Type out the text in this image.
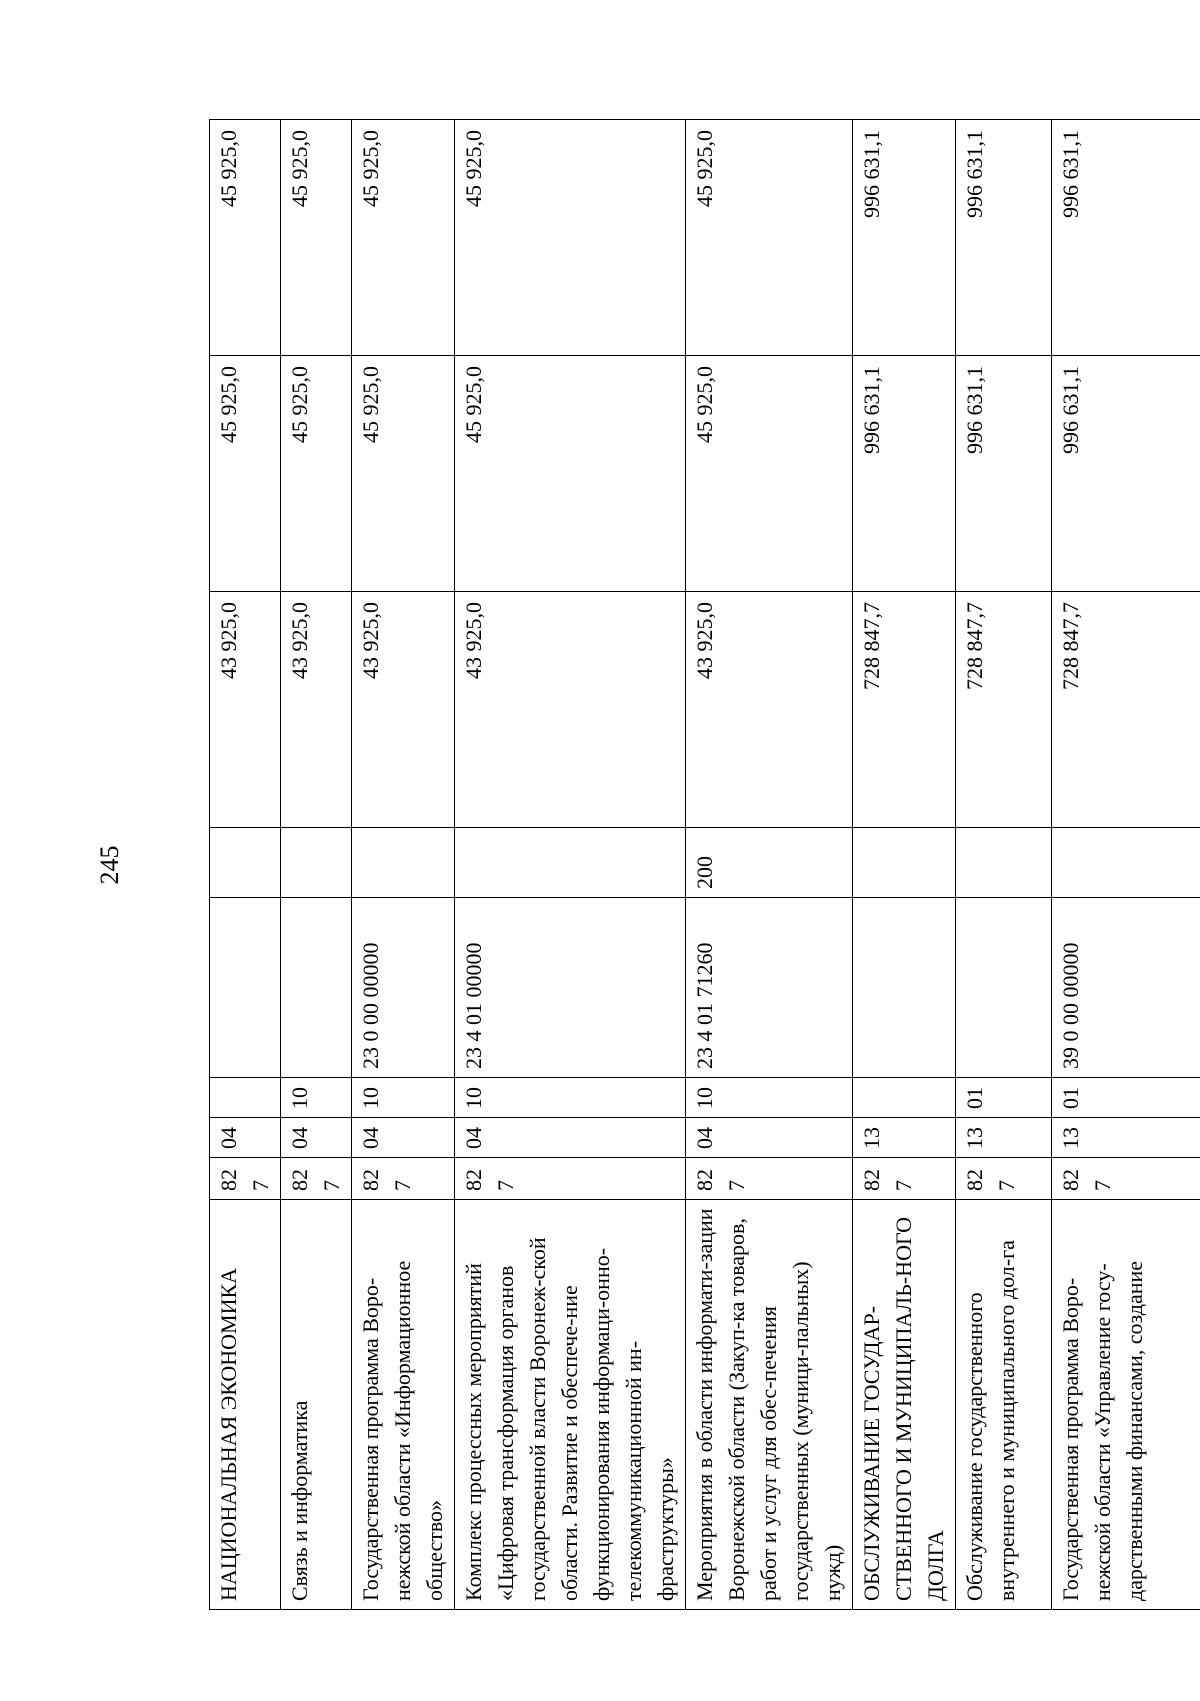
245
НАЦИОНАЛЬНАЯ ЭКОНОМИКА	827	04				43 925,0	45 925,0	45 925,0
Связь и информатика	827	04	10			43 925,0	45 925,0	45 925,0
Государственная программа Воро-нежской области «Информационное общество»	827	04	10	23 0 00 00000		43 925,0	45 925,0	45 925,0
Комплекс процессных мероприятий «Цифровая трансформация органов государственной власти Воронеж-ской области. Развитие и обеспече-ние функционирования информаци-онно-телекоммуникационной ин-фраструктуры»	827	04	10	23 4 01 00000		43 925,0	45 925,0	45 925,0
Мероприятия в области информати-зации Воронежской области (Закуп-ка товаров, работ и услуг для обес-печения государственных (муници-пальных) нужд)	827	04	10	23 4 01 71260	200	43 925,0	45 925,0	45 925,0
ОБСЛУЖИВАНИЕ ГОСУДАР-СТВЕННОГО И МУНИЦИПАЛЬ-НОГО ДОЛГА	827	13				728 847,7	996 631,1	996 631,1
Обслуживание государственного внутреннего и муниципального дол-га	827	13	01			728 847,7	996 631,1	996 631,1
Государственная программа Воро-нежской области «Управление госу-дарственными финансами, создание	827	13	01	39 0 00 00000		728 847,7	996 631,1	996 631,1
